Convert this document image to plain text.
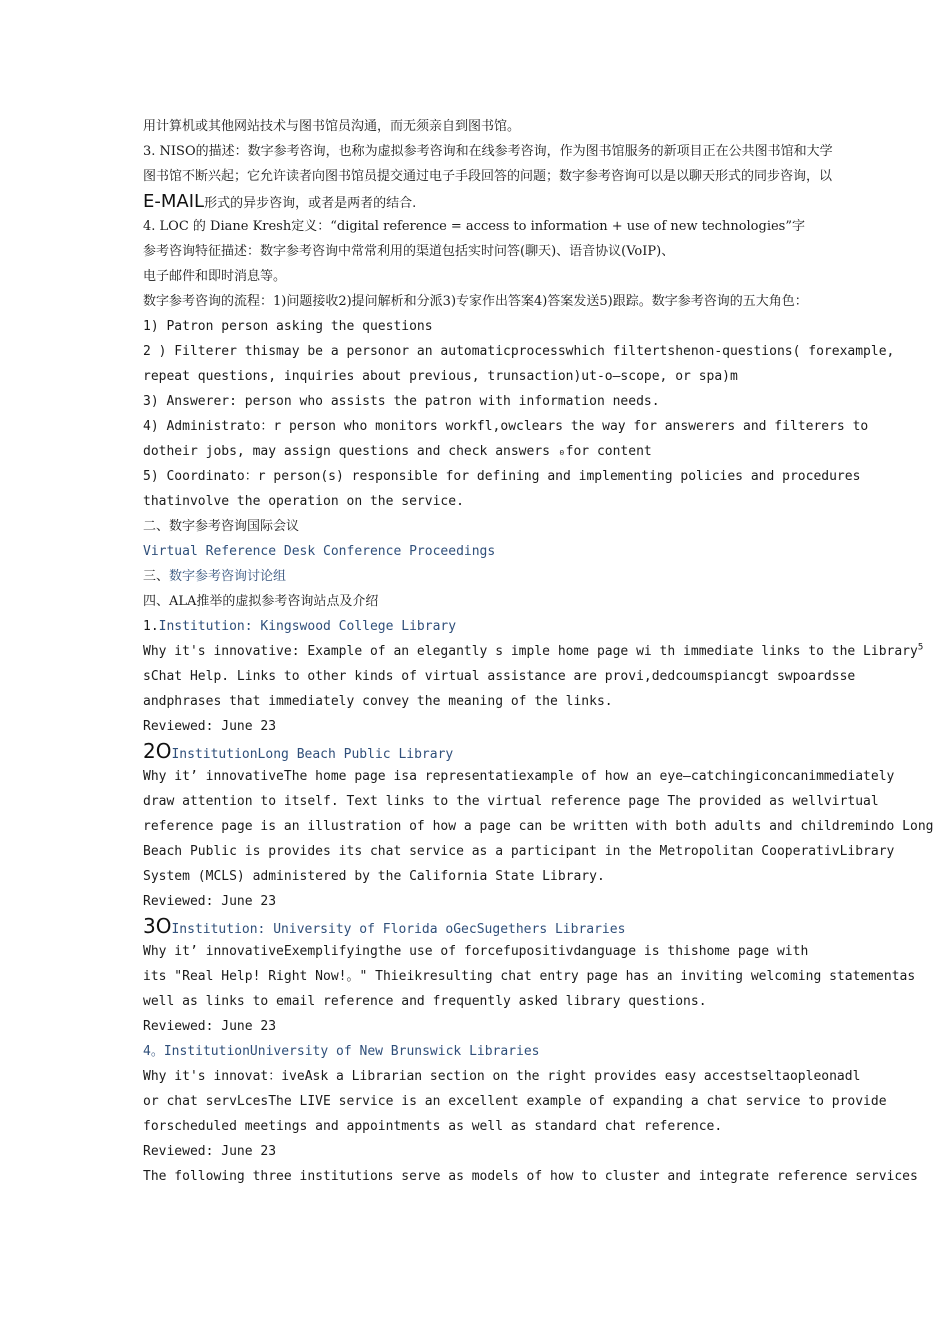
用计算机或其他网站技术与图书馆员沟通，而无须亲自到图书馆。
3. NISO的描述：数字参考咨询，也称为虚拟参考咨询和在线参考咨询，作为图书馆服务的新项目正在公共图书馆和大学
图书馆不断兴起；它允许读者向图书馆员提交通过电子手段回答的问题；数字参考咨询可以是以聊天形式的同步咨询，以
E-MAIL形式的异步咨询，或者是两者的结合.
4. LOC 的 Diane Kresh定义：“digital reference = access to information + use of new technologies”字
参考咨询特征描述：数字参考咨询中常常利用的渠道包括实时问答(聊天)、语音协议(VoIP)、
电子邮件和即时消息等。
数字参考咨询的流程：1)问题接收2)提问解析和分派3)专家作出答案4)答案发送5)跟踪。数字参考咨询的五大角色：
1) Patron person asking the questions
2 ) Filterer thismay be a personor an automaticprocesswhich filtertshenon-questions( forexample,
repeat questions, inquiries about previous, trunsaction)ut-o—scope, or spa)m
3) Answerer: person who assists the patron with information needs.
4) Administrato：r person who monitors workfl,owclears the way for answerers and filterers to
dotheir jobs, may assign questions and check answers ₀for content
5) Coordinato：r person(s) responsible for defining and implementing policies and procedures
thatinvolve the operation on the service.
二、数字参考咨询国际会议
Virtual Reference Desk Conference Proceedings
三、数字参考咨询讨论组
四、ALA推举的虚拟参考咨询站点及介绍
1.Institution: Kingswood College Library
Why it's innovative: Example of an elegantly s imple home page wi th immediate links to the Library$^5$
sChat Help. Links to other kinds of virtual assistance are provi,dedcoumspiancgt swpoardsse
andphrases that immediately convey the meaning of the links.
Reviewed: June 23
2OInstitutionLong Beach Public Library
Why it’ innovativeThe home page isa representatiexample of how an eye—catchingiconcanimmediately
draw attention to itself. Text links to the virtual reference page The provided as wellvirtual
reference page is an illustration of how a page can be written with both adults and childremindo Long
Beach Public is provides its chat service as a participant in the Metropolitan CooperativLibrary
System (MCLS) administered by the California State Library.
Reviewed: June 23
3OInstitution: University of Florida oGecSugethers Libraries
Why it’ innovativeExemplifyingthe use of forcefupositivdanguage is thishome page with
its "Real Help! Right Now!。" Thieikresulting chat entry page has an inviting welcoming statementas
well as links to email reference and frequently asked library questions.
Reviewed: June 23
4。InstitutionUniversity of New Brunswick Libraries
Why it's innovat：iveAsk a Librarian section on the right provides easy accestseltaopleonadl
or chat servLcesThe LIVE service is an excellent example of expanding a chat service to provide
forscheduled meetings and appointments as well as standard chat reference.
Reviewed: June 23
The following three institutions serve as models of how to cluster and integrate reference services
